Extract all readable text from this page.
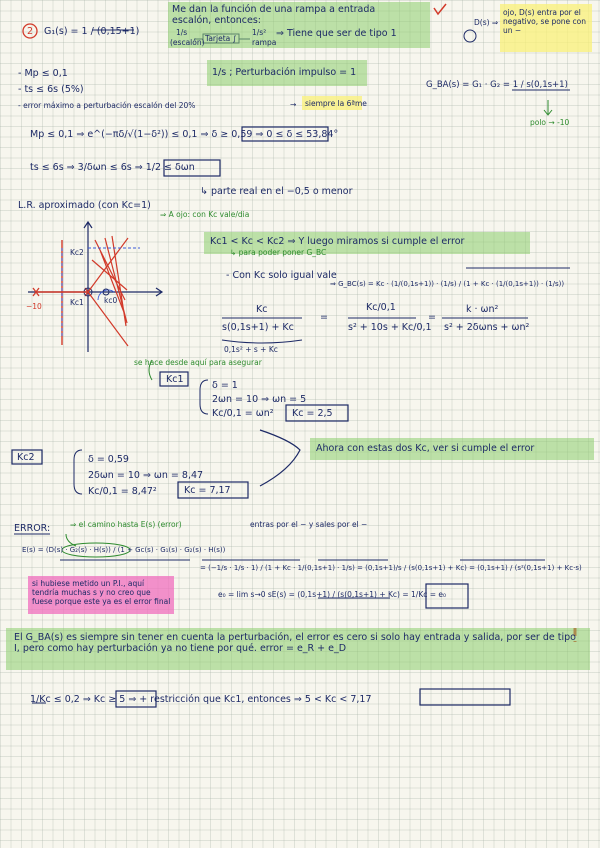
2 G₁(s) = 1 / (0,15+1)
Me dan la función de una rampa a entrada
escalón, entonces:
1/s
(escalón) Tarjeta ∫
1/s²
rampa
⇒ Tiene que ser de tipo 1
D(s) ⇒
ojo, D(s) entra por el negativo, se pone con un −
- Mp ≤ 0,1
- ts ≤ 6s (5%)
- error máximo a perturbación escalón del 20%
1/s ; Perturbación impulso = 1
→ siempre la 6ªme
G_BA(s) = G₁ · G₂ = 1 / s(0,1s+1)
polo → -10
Mp ≤ 0,1 ⇒ e^(−πδ/√(1−δ²)) ≤ 0,1 ⇒ δ ≥ 0,59 ⇒ 0 ≤ δ ≤ 53,84°
ts ≤ 6s ⇒ 3/δωn ≤ 6s ⇒ 1/2 ≤ δωn
↳ parte real en el −0,5 o menor
L.R. aproximado (con Kc=1)
⇒ A ojo: con Kc vale/dia
Kc2
Kc1
−10
kc0
Kc1 < Kc < Kc2 ⇒ Y luego miramos si cumple el error
↳ para poder poner G_BC
- Con Kc solo igual vale
⇒ G_BC(s) = Kc · (1/(0,1s+1)) · (1/s) / (1 + Kc · (1/(0,1s+1)) · (1/s))
Kc
s(0,1s+1) + Kc
=
Kc/0,1
s² + 10s + Kc/0,1
=
k · ωn²
s² + 2δωns + ωn²
0,1s² + s + Kc
se hace desde aquí para asegurar
Kc1
δ = 1
2ωn = 10 ⇒ ωn = 5
Kc/0,1 = ωn² Kc = 2,5
Kc2	δ = 0,59
2δωn = 10 ⇒ ωn = 8,47
Kc/0,1 = 8,47²	Kc = 7,17
Ahora con estas dos Kc, ver si cumple el error
ERROR:	⇒ el camino hasta E(s) (error)	entras por el − y sales por el −
E(s) = (D(s) · G₂(s) · H(s)) / (1 + Gc(s) · G₁(s) · G₂(s) · H(s))
= (−1/s · 1/s · 1) / (1 + Kc · 1/(0,1s+1) · 1/s) = (0,1s+1)/s / (s(0,1s+1) + Kc) = (0,1s+1) / (s²(0,1s+1) + Kc·s)
si hubiese metido un P.I., aquí tendría muchas s y no creo que fuese porque este ya es el error final
e₀ = lim s→0 sE(s) = (0,1s+1) / (s(0,1s+1) + Kc) = 1/Kc = e₀
El G_BA(s) es siempre sin tener en cuenta la perturbación, el error es cero si solo hay entrada y salida, por ser de tipo I, pero como hay perturbación ya no tiene por qué. error = e_R + e_D
1/Kc ≤ 0,2 ⇒ Kc ≥ 5 ⇒ + restricción que Kc1, entonces ⇒ 5 < Kc < 7,17
